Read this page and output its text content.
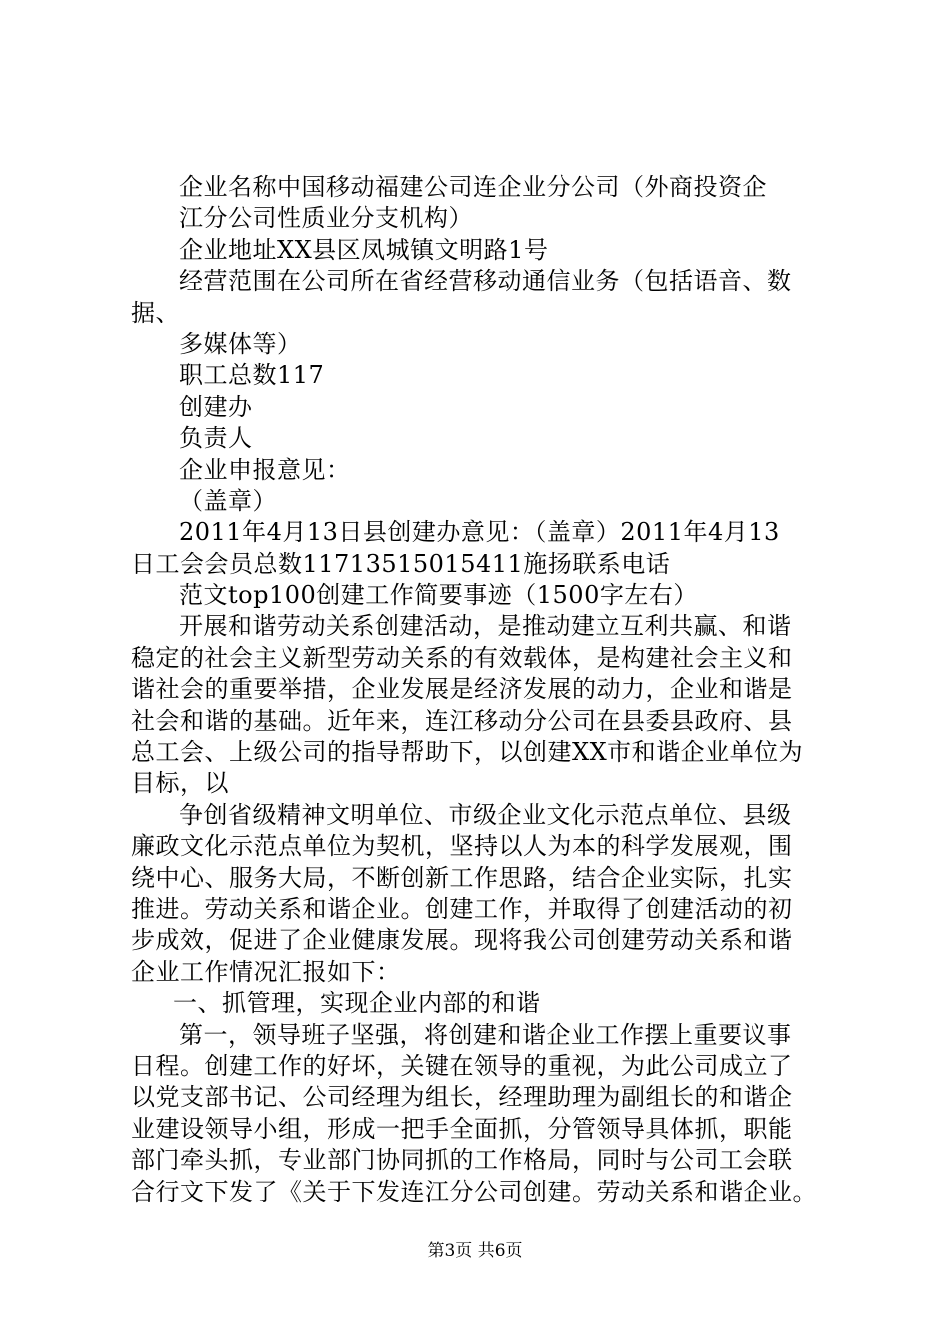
企业名称中国移动福建公司连企业分公司（外商投资企
江分公司性质业分支机构）
企业地址XX县区凤城镇文明路1号
经营范围在公司所在省经营移动通信业务（包括语音、数
据、
多媒体等）
职工总数117
创建办
负责人
企业申报意见：
（盖章）
2011年4月13日县创建办意见：（盖章）2011年4月13
日工会会员总数11713515015411施扬联系电话
范文top100创建工作简要事迹（1500字左右）
开展和谐劳动关系创建活动，是推动建立互利共赢、和谐
稳定的社会主义新型劳动关系的有效载体，是构建社会主义和
谐社会的重要举措，企业发展是经济发展的动力，企业和谐是
社会和谐的基础。近年来，连江移动分公司在县委县政府、县
总工会、上级公司的指导帮助下，以创建XX市和谐企业单位为
目标，以
争创省级精神文明单位、市级企业文化示范点单位、县级
廉政文化示范点单位为契机，坚持以人为本的科学发展观，围
绕中心、服务大局，不断创新工作思路，结合企业实际，扎实
推进。劳动关系和谐企业。创建工作，并取得了创建活动的初
步成效，促进了企业健康发展。现将我公司创建劳动关系和谐
企业工作情况汇报如下：
一、抓管理，实现企业内部的和谐
第一，领导班子坚强，将创建和谐企业工作摆上重要议事
日程。创建工作的好坏，关键在领导的重视，为此公司成立了
以党支部书记、公司经理为组长，经理助理为副组长的和谐企
业建设领导小组，形成一把手全面抓，分管领导具体抓，职能
部门牵头抓，专业部门协同抓的工作格局，同时与公司工会联
合行文下发了《关于下发连江分公司创建。劳动关系和谐企业。
第3页 共6页
